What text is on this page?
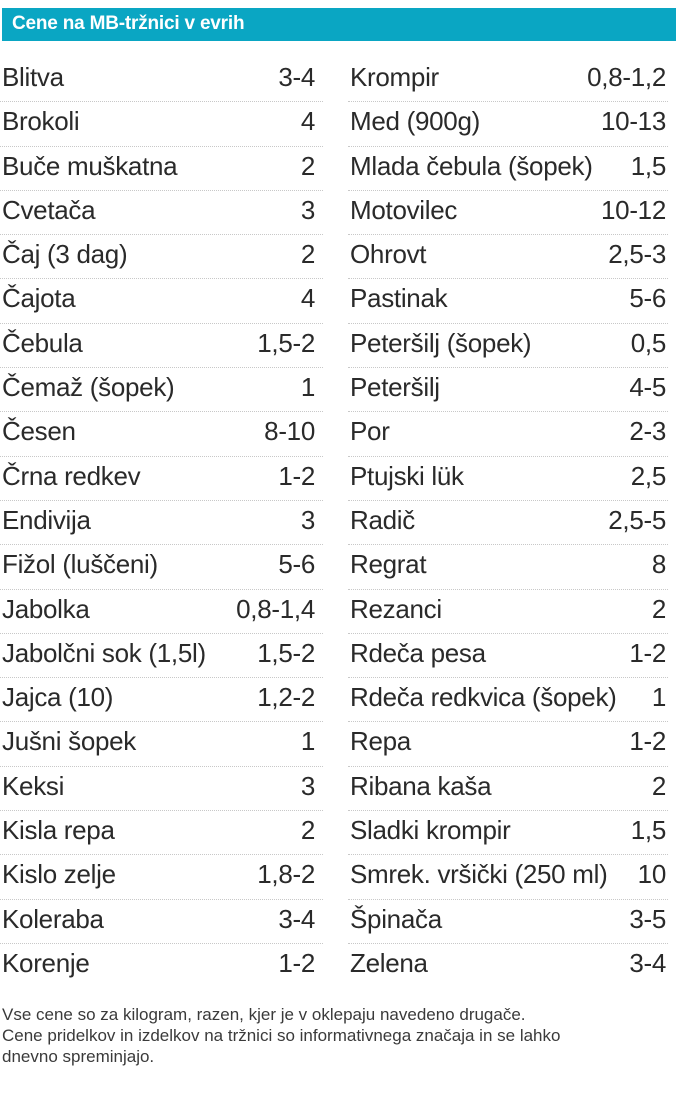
Cene na MB-tržnici v evrih
Blitva	3-4
Brokoli	4
Buče muškatna	2
Cvetača	3
Čaj (3 dag)	2
Čajota	4
Čebula	1,5-2
Čemaž (šopek)	1
Česen	8-10
Črna redkev	1-2
Endivija	3
Fižol (luščeni)	5-6
Jabolka	0,8-1,4
Jabolčni sok (1,5l) 1,5-2
Jajca (10)	1,2-2
Jušni šopek	1
Keksi	3
Kisla repa	2
Kislo zelje	1,8-2
Koleraba	3-4
Korenje	1-2
Krompir	0,8-1,2
Med (900g)	10-13
Mlada čebula (šopek) 1,5
Motovilec	10-12
Ohrovt	2,5-3
Pastinak	5-6
Peteršilj (šopek)	0,5
Peteršilj	4-5
Por	2-3
Ptujski lük	2,5
Radič	2,5-5
Regrat	8
Rezanci	2
Rdeča pesa	1-2
Rdeča redkvica (šopek) 1
Repa	1-2
Ribana kaša	2
Sladki krompir	1,5
Smrek. vršički (250 ml) 10
Špinača	3-5
Zelena	3-4
Vse cene so za kilogram, razen, kjer je v oklepaju navedeno drugače.
Cene pridelkov in izdelkov na tržnici so informativnega značaja in se lahko
dnevno spreminjajo.
